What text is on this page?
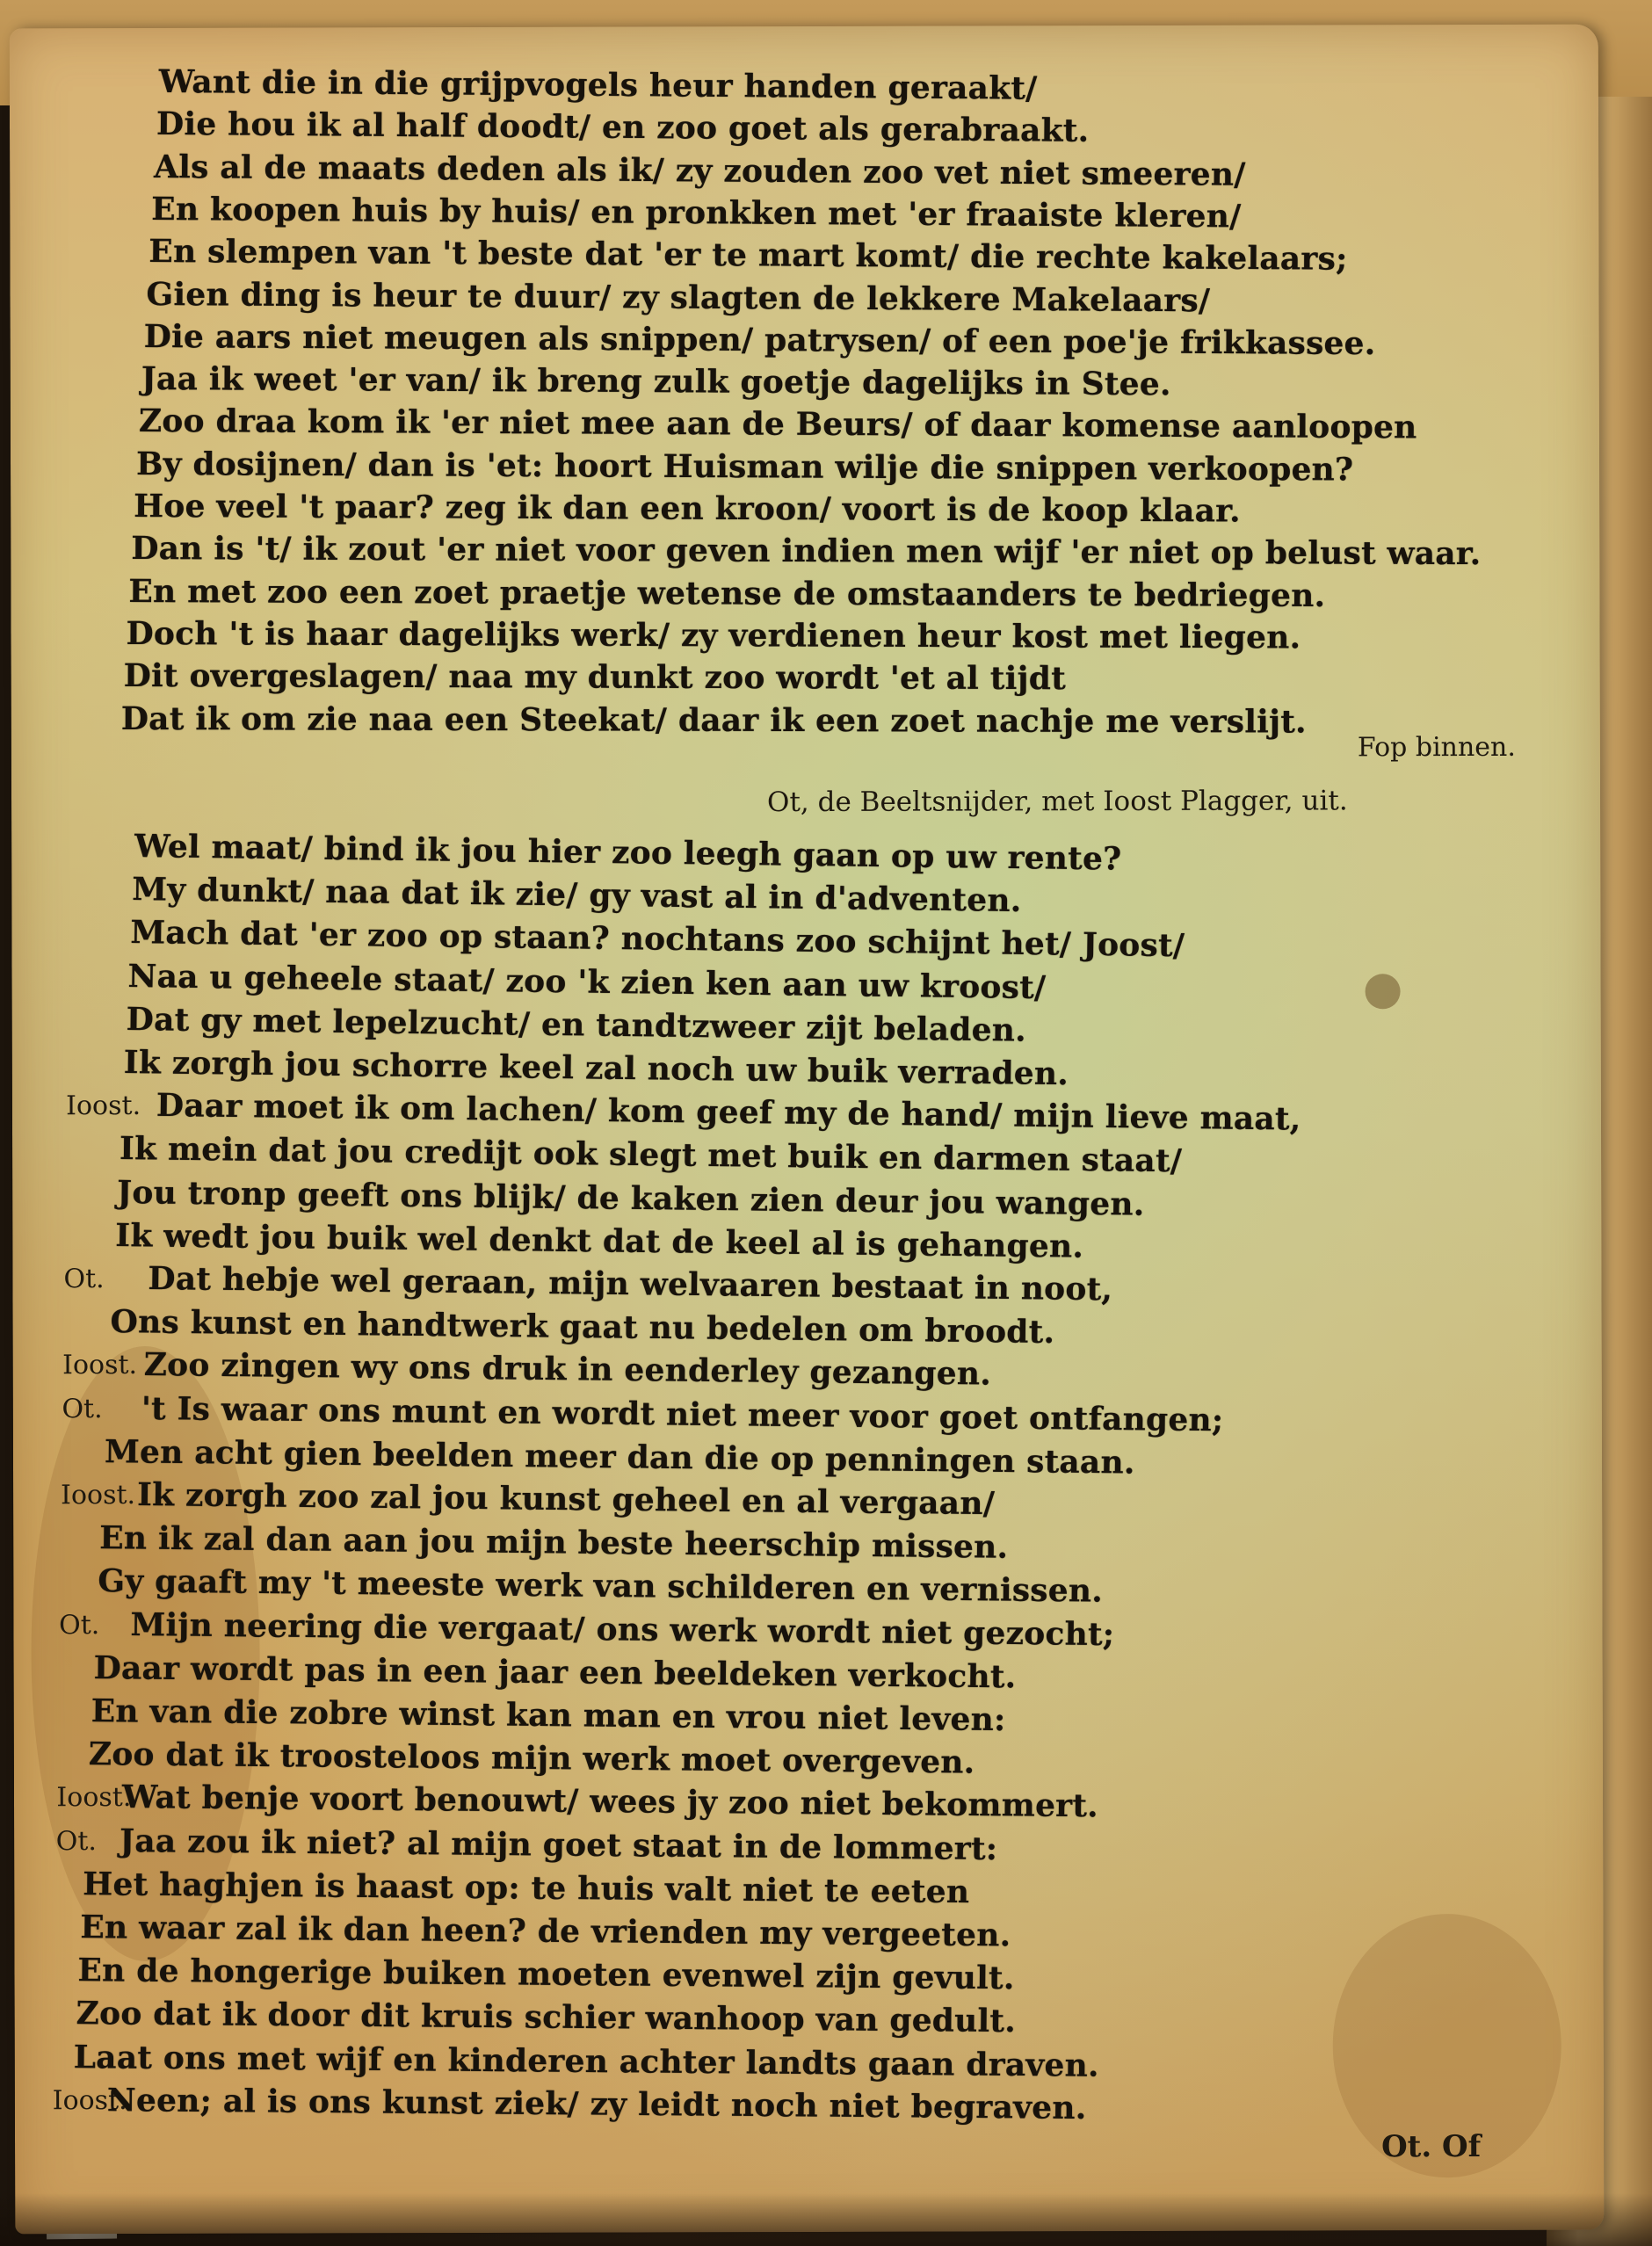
Want die in die grijpvogels heur handen geraakt/
Die hou ik al half doodt/ en zoo goet als gerabraakt.
Als al de maats deden als ik/ zy zouden zoo vet niet smeeren/
En koopen huis by huis/ en pronkken met 'er fraaiste kleren/
En slempen van 't beste dat 'er te mart komt/ die rechte kakelaars;
Gien ding is heur te duur/ zy slagten de lekkere Makelaars/
Die aars niet meugen als snippen/ patrysen/ of een poe'je frikkassee.
Jaa ik weet 'er van/ ik breng zulk goetje dagelijks in Stee.
Zoo draa kom ik 'er niet mee aan de Beurs/ of daar komense aanloopen
By dosijnen/ dan is 'et: hoort Huisman wilje die snippen verkoopen?
Hoe veel 't paar? zeg ik dan een kroon/ voort is de koop klaar.
Dan is 't/ ik zout 'er niet voor geven indien men wijf 'er niet op belust waar.
En met zoo een zoet praetje wetense de omstaanders te bedriegen.
Doch 't is haar dagelijks werk/ zy verdienen heur kost met liegen.
Dit overgeslagen/ naa my dunkt zoo wordt 'et al tijdt
Dat ik om zie naa een Steekat/ daar ik een zoet nachje me verslijt.
Fop binnen.
Ot, de Beeltsnijder, met Ioost Plagger, uit.
Wel maat/ bind ik jou hier zoo leegh gaan op uw rente?
My dunkt/ naa dat ik zie/ gy vast al in d'adventen.
Mach dat 'er zoo op staan? nochtans zoo schijnt het/ Joost/
Naa u geheele staat/ zoo 'k zien ken aan uw kroost/
Dat gy met lepelzucht/ en tandtzweer zijt beladen.
Ik zorgh jou schorre keel zal noch uw buik verraden.
Ioost. Daar moet ik om lachen/ kom geef my de hand/ mijn lieve maat,
Ik mein dat jou credijt ook slegt met buik en darmen staat/
Jou tronp geeft ons blijk/ de kaken zien deur jou wangen.
Ik wedt jou buik wel denkt dat de keel al is gehangen.
Ot. Dat hebje wel geraan, mijn welvaaren bestaat in noot,
Ons kunst en handtwerk gaat nu bedelen om broodt.
Ioost. Zoo zingen wy ons druk in eenderley gezangen.
Ot. 't Is waar ons munt en wordt niet meer voor goet ontfangen;
Men acht gien beelden meer dan die op penningen staan.
Ioost. Ik zorgh zoo zal jou kunst geheel en al vergaan/
En ik zal dan aan jou mijn beste heerschip missen.
Gy gaaft my 't meeste werk van schilderen en vernissen.
Ot. Mijn neering die vergaat/ ons werk wordt niet gezocht;
Daar wordt pas in een jaar een beeldeken verkocht.
En van die zobre winst kan man en vrou niet leven:
Zoo dat ik troosteloos mijn werk moet overgeven.
Ioost.
Wat benje voort benouwt/ wees jy zoo niet bekommert.
Ot. Jaa zou ik niet? al mijn goet staat in de lommert:
Het haghjen is haast op: te huis valt niet te eeten
En waar zal ik dan heen? de vrienden my vergeeten.
En de hongerige buiken moeten evenwel zijn gevult.
Zoo dat ik door dit kruis schier wanhoop van gedult.
Laat ons met wijf en kinderen achter landts gaan draven.
Ioost.
Neen; al is ons kunst ziek/ zy leidt noch niet begraven.
Ot. Of
